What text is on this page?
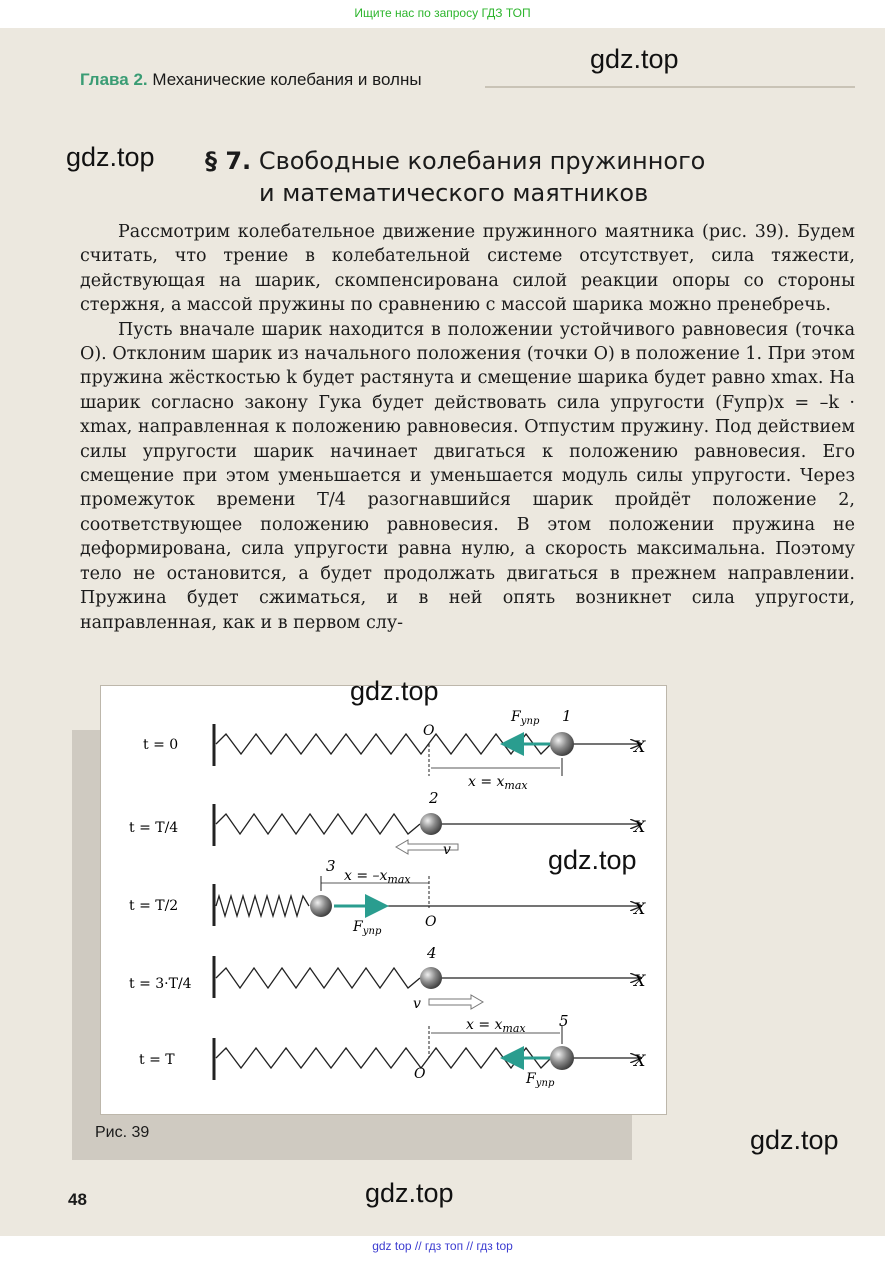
Ищите нас по запросу ГДЗ ТОП
Глава 2. Механические колебания и волны
gdz.top
gdz.top § 7. Свободные колебания пружинного
и математического маятников

Рассмотрим колебательное движение пружинного маятника (рис. 39). Будем считать, что трение в колебательной системе отсутствует, сила тяжести, действующая на шарик, скомпенсирована силой реакции опоры со стороны стержня, а массой пружины по сравнению с массой шарика можно пренебречь.

Пусть вначале шарик находится в положении устойчивого равновесия (точка O). Отклоним шарик из начального положения (точки O) в положение 1. При этом пружина жёсткостью k будет растянута и смещение шарика будет равно xmax. На шарик согласно закону Гука будет действовать сила упругости (Fупр)x = –k · xmax, направленная к положению равновесия. Отпустим пружину. Под действием силы упругости шарик начинает двигаться к положению равновесия. Его смещение при этом уменьшается и уменьшается модуль силы упругости. Через промежуток времени T/4 разогнавшийся шарик пройдёт положение 2, соответствующее положению равновесия. В этом положении пружина не деформирована, сила упругости равна нулю, а скорость максимальна. Поэтому тело не остановится, а будет продолжать двигаться в прежнем направлении. Пружина будет сжиматься, и в ней опять возникнет сила упругости, направленная, как и в первом слу-

t = 0	X
1
$F_{упр}$
O
$x = x_{max}$
t = T/4	X
2
v
t = T/2	X
3
$x = -x_{max}$
O
$F_{упр}$
t = 3·T/4	X
4
v
t = T	X
5
$x = x_{max}$
O	$F_{упр}$
gdz.top
gdz.top
gdz.top
gdz.top
Рис. 39
48
gdz top // гдз топ // гдз top
